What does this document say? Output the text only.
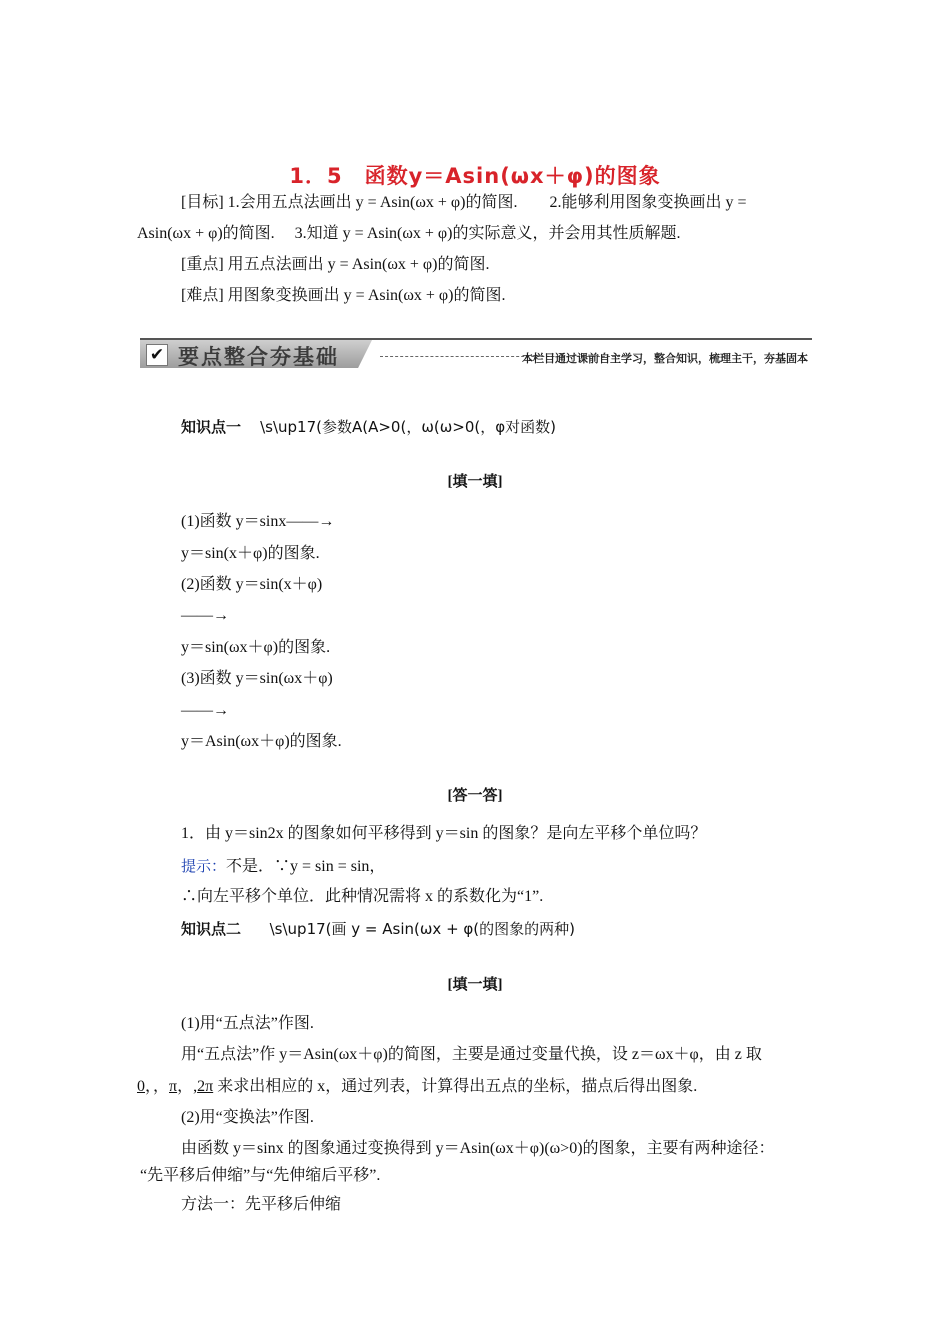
1．5　函数y＝Asin(ωx＋φ)的图象
[目标] 1.会用五点法画出 y = Asin(ωx + φ)的简图.　　2.能够利用图象变换画出 y =
Asin(ωx + φ)的简图.　 3.知道 y = Asin(ωx + φ)的实际意义，并会用其性质解题.
[重点] 用五点法画出 y = Asin(ωx + φ)的简图.
[难点] 用图象变换画出 y = Asin(ωx + φ)的简图.
✔ 要点整合夯基础	本栏目通过课前自主学习，整合知识，梳理主干，夯基固本
知识点一 \s\up17(参数A(A>0(，ω(ω>0(，φ对函数)
[填一填]
(1)函数 y＝sinx——→
y＝sin(x＋φ)的图象.
(2)函数 y＝sin(x＋φ)
——→
y＝sin(ωx＋φ)的图象.
(3)函数 y＝sin(ωx＋φ)
——→
y＝Asin(ωx＋φ)的图象.
[答一答]
1．由 y＝sin2x 的图象如何平移得到 y＝sin 的图象？是向左平移个单位吗？
提示：不是．∵y = sin = sin，
∴向左平移个单位．此种情况需将 x 的系数化为“1”.
知识点二 \s\up17(画 y = Asin(ωx + φ(的图象的两种)
[填一填]
(1)用“五点法”作图.
用“五点法”作 y＝Asin(ωx＋φ)的简图，主要是通过变量代换，设 z＝ωx＋φ，由 z 取
0，，π，,2π 来求出相应的 x，通过列表，计算得出五点的坐标，描点后得出图象.
(2)用“变换法”作图.
由函数 y＝sinx 的图象通过变换得到 y＝Asin(ωx＋φ)(ω>0)的图象，主要有两种途径：
“先平移后伸缩”与“先伸缩后平移”.
方法一：先平移后伸缩
